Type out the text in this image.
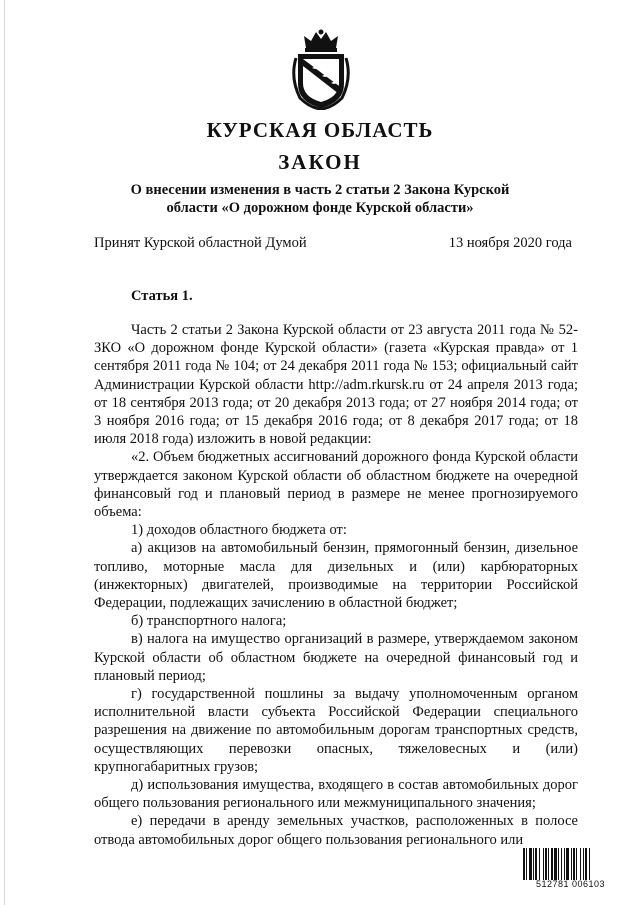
КУРСКАЯ ОБЛАСТЬ
ЗАКОН
О внесении изменения в часть 2 статьи 2 Закона Курской области «О дорожном фонде Курской области»
Принят Курской областной Думой	13 ноября 2020 года
Статья 1.

Часть 2 статьи 2 Закона Курской области от 23 августа 2011 года № 52-ЗКО «О дорожном фонде Курской области» (газета «Курская правда» от 1 сентября 2011 года № 104; от 24 декабря 2011 года № 153; официальный сайт Администрации Курской области http://adm.rkursk.ru от 24 апреля 2013 года; от 18 сентября 2013 года; от 20 декабря 2013 года; от 27 ноября 2014 года; от 3 ноября 2016 года; от 15 декабря 2016 года; от 8 декабря 2017 года; от 18 июля 2018 года) изложить в новой редакции:

«2. Объем бюджетных ассигнований дорожного фонда Курской области утверждается законом Курской области об областном бюджете на очередной финансовый год и плановый период в размере не менее прогнозируемого объема:

1) доходов областного бюджета от:

а) акцизов на автомобильный бензин, прямогонный бензин, дизельное топливо, моторные масла для дизельных и (или) карбюраторных (инжекторных) двигателей, производимые на территории Российской Федерации, подлежащих зачислению в областной бюджет;

б) транспортного налога;

в) налога на имущество организаций в размере, утверждаемом законом Курской области об областном бюджете на очередной финансовый год и плановый период;

г) государственной пошлины за выдачу уполномоченным органом исполнительной власти субъекта Российской Федерации специального разрешения на движение по автомобильным дорогам транспортных средств, осуществляющих перевозки опасных, тяжеловесных и (или) крупногабаритных грузов;

д) использования имущества, входящего в состав автомобильных дорог общего пользования регионального или межмуниципального значения;

е) передачи в аренду земельных участков, расположенных в полосе отвода автомобильных дорог общего пользования регионального или

512781 006103
